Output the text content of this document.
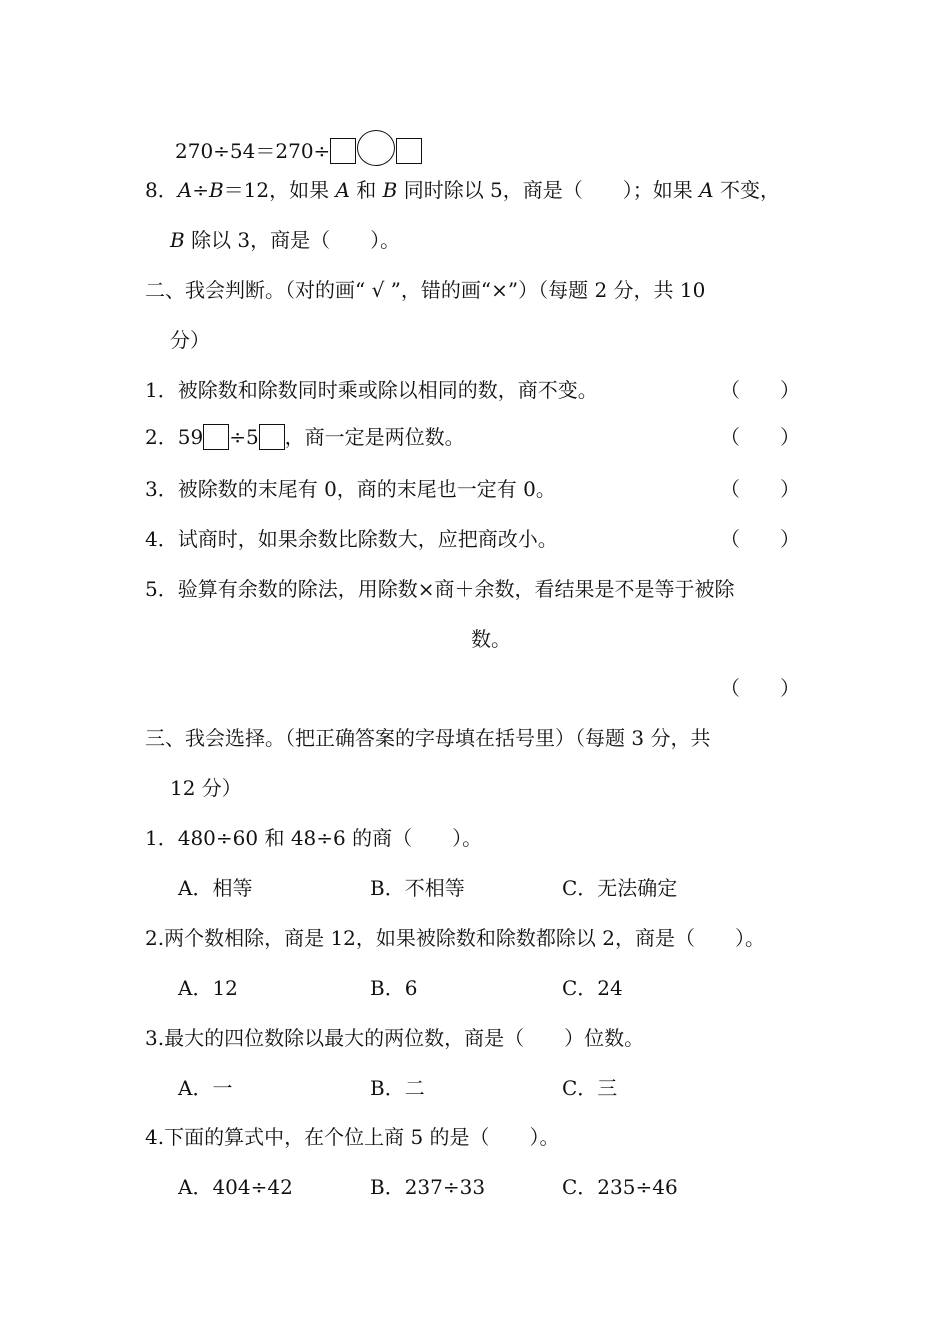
270÷54＝270÷
8．A÷B＝12，如果 A 和 B 同时除以 5，商是（　　）；如果 A 不变，
B 除以 3，商是（　　）。
二、我会判断。（对的画“ √ ”，错的画“×”）（每题 2 分，共 10
分）
1．被除数和除数同时乘或除以相同的数，商不变。	（　　）
2．59 ÷5 ，商一定是两位数。	（　　）
3．被除数的末尾有 0，商的末尾也一定有 0。	（　　）
4．试商时，如果余数比除数大，应把商改小。	（　　）
5．验算有余数的除法，用除数×商＋余数，看结果是不是等于被除
数。
（　　）
三、我会选择。（把正确答案的字母填在括号里）（每题 3 分，共
12 分）
1．480÷60 和 48÷6 的商（　　）。
A．相等	B．不相等	C．无法确定
2.两个数相除，商是 12，如果被除数和除数都除以 2，商是（　　）。
A．12	B．6	C．24
3.最大的四位数除以最大的两位数，商是（　　）位数。
A．一	B．二	C．三
4.下面的算式中，在个位上商 5 的是（　　）。
A．404÷42	B．237÷33	C．235÷46
